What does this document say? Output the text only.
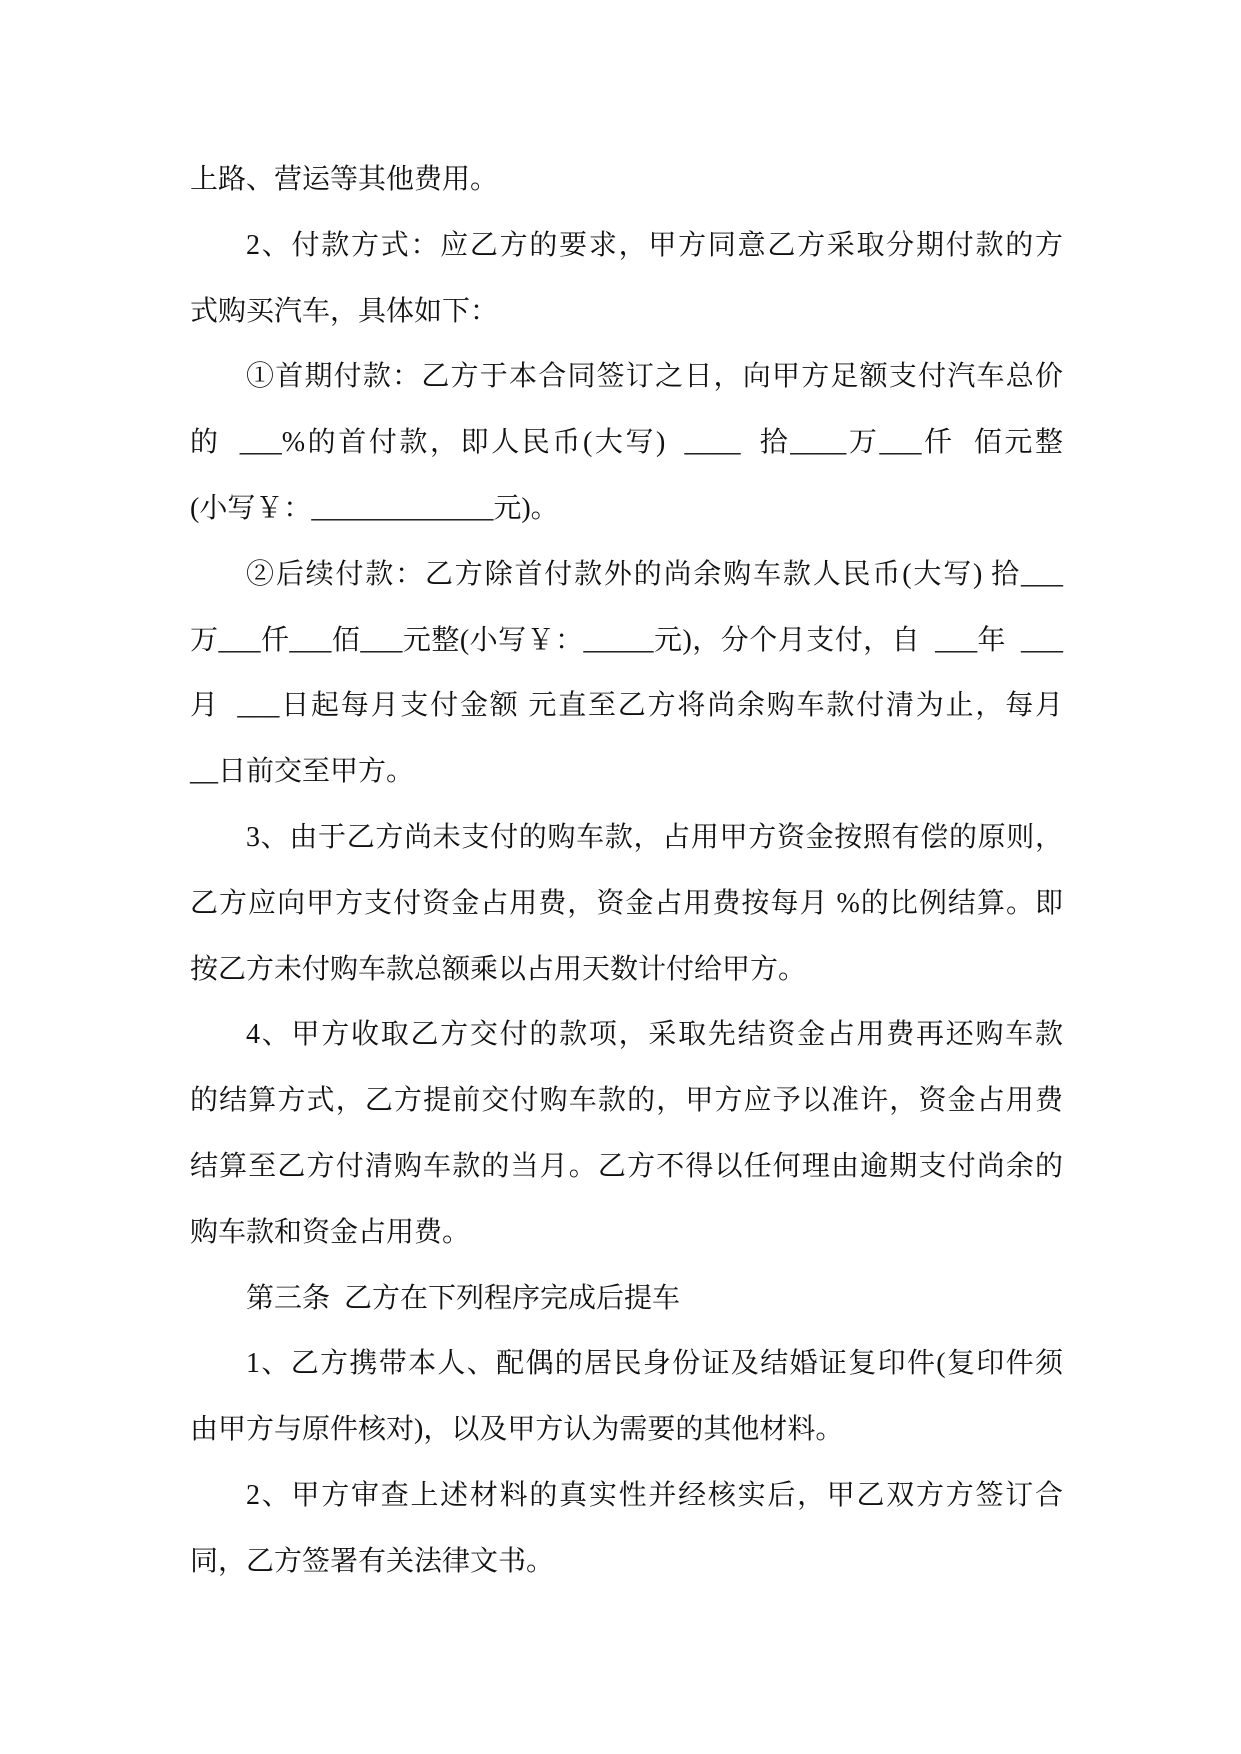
上路、营运等其他费用。
2、付款方式：应乙方的要求，甲方同意乙方采取分期付款的方
式购买汽车，具体如下：
①首期付款：乙方于本合同签订之日，向甲方足额支付汽车总价
的  ___%的首付款，即人民币(大写)  ____  拾____万___仟  佰元整
(小写￥：_____________元)。
②后续付款：乙方除首付款外的尚余购车款人民币(大写) 拾___
万___仟___佰___元整(小写￥：_____元)，分个月支付，自  ___年  ___
月  ___日起每月支付金额 元直至乙方将尚余购车款付清为止，每月
__日前交至甲方。
3、由于乙方尚未支付的购车款，占用甲方资金按照有偿的原则，
乙方应向甲方支付资金占用费，资金占用费按每月 %的比例结算。即
按乙方未付购车款总额乘以占用天数计付给甲方。
4、甲方收取乙方交付的款项，采取先结资金占用费再还购车款
的结算方式，乙方提前交付购车款的，甲方应予以准许，资金占用费
结算至乙方付清购车款的当月。乙方不得以任何理由逾期支付尚余的
购车款和资金占用费。
第三条  乙方在下列程序完成后提车
1、乙方携带本人、配偶的居民身份证及结婚证复印件(复印件须
由甲方与原件核对)，以及甲方认为需要的其他材料。
2、甲方审查上述材料的真实性并经核实后，甲乙双方方签订合
同，乙方签署有关法律文书。
